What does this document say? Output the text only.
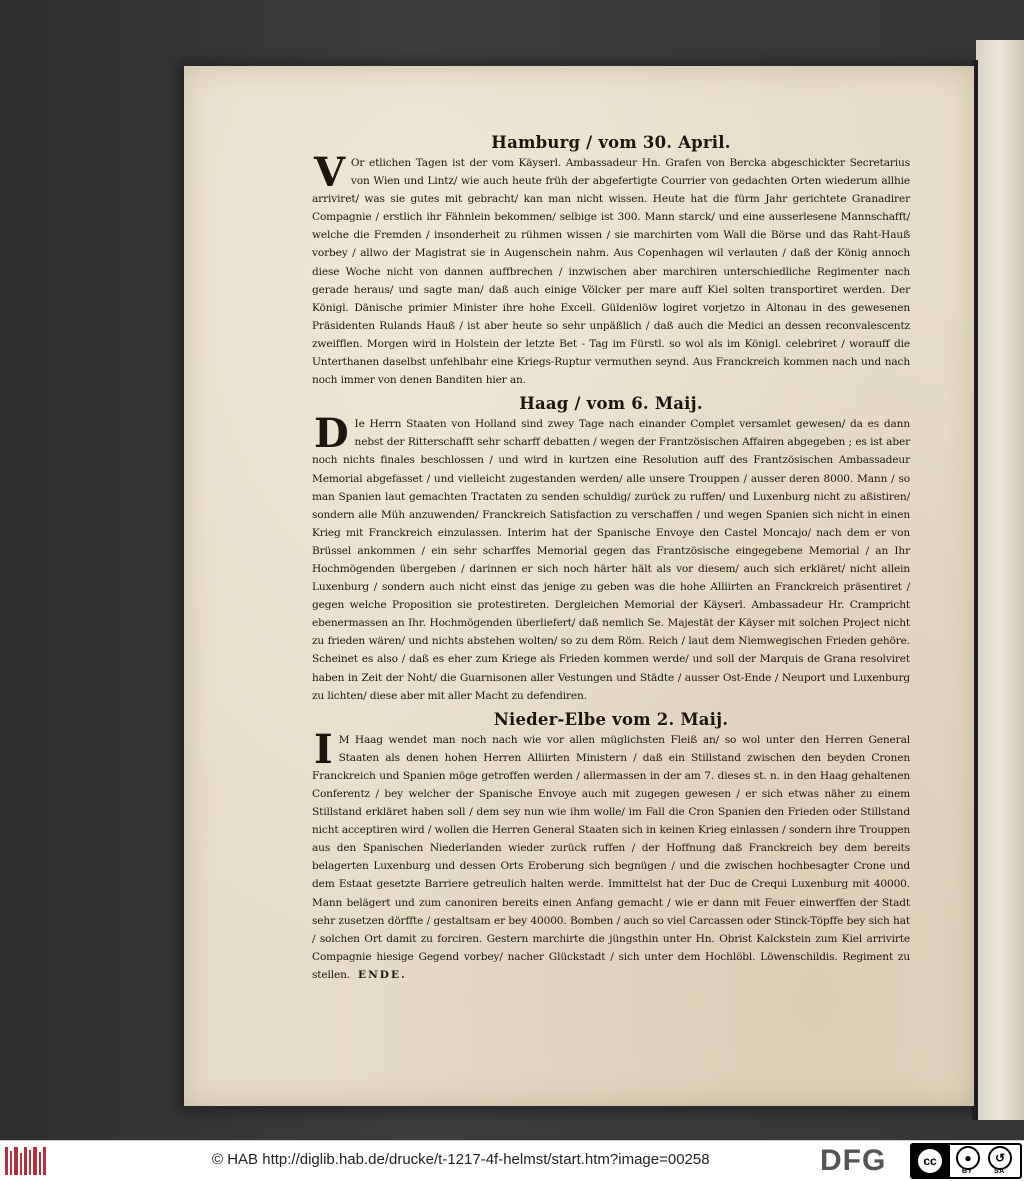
Hamburg / vom 30. April.

V Or etlichen Tagen ist der vom Käyserl. Ambassadeur Hn. Grafen von Bercka abgeschickter Secretarius von Wien und Lintz/ wie auch heute früh der abgefertigte Courrier von gedachten Orten wiederum allhie arriviret/ was sie gutes mit gebracht/ kan man nicht wissen. Heute hat die fürm Jahr gerichtete Granadirer Compagnie / erstlich ihr Fähnlein bekommen/ selbige ist 300. Mann starck/ und eine ausserlesene Mannschafft/ welche die Fremden / insonderheit zu rühmen wissen / sie marchirten vom Wall die Börse und das Raht-Hauß vorbey / allwo der Magistrat sie in Augenschein nahm. Aus Copenhagen wil verlauten / daß der König annoch diese Woche nicht von dannen auffbrechen / inzwischen aber marchiren unterschiedliche Regimenter nach gerade heraus/ und sagte man/ daß auch einige Völcker per mare auff Kiel solten transportiret werden. Der Königl. Dänische primier Minister ihre hohe Excell. Güldenlöw logiret vorjetzo in Altonau in des gewesenen Präsidenten Rulands Hauß / ist aber heute so sehr unpäßlich / daß auch die Medici an dessen reconvalescentz zweifflen. Morgen wird in Holstein der letzte Bet - Tag im Fürstl. so wol als im Königl. celebriret / worauff die Unterthanen daselbst unfehlbahr eine Kriegs-Ruptur vermuthen seynd. Aus Franckreich kommen nach und nach noch immer von denen Banditen hier an.

Haag / vom 6. Maij.

D Ie Herrn Staaten von Holland sind zwey Tage nach einander Complet versamlet gewesen/ da es dann nebst der Ritterschafft sehr scharff debatten / wegen der Frantzösischen Affairen abgegeben ; es ist aber noch nichts finales beschlossen / und wird in kurtzen eine Resolution auff des Frantzösischen Ambassadeur Memorial abgefasset / und vielleicht zugestanden werden/ alle unsere Trouppen / ausser deren 8000. Mann / so man Spanien laut gemachten Tractaten zu senden schuldig/ zurück zu ruffen/ und Luxenburg nicht zu aßistiren/ sondern alle Müh anzuwenden/ Franckreich Satisfaction zu verschaffen / und wegen Spanien sich nicht in einen Krieg mit Franckreich einzulassen. Interim hat der Spanische Envoye den Castel Moncajo/ nach dem er von Brüssel ankommen / ein sehr scharffes Memorial gegen das Frantzösische eingegebene Memorial / an Ihr Hochmögenden übergeben / darinnen er sich noch härter hält als vor diesem/ auch sich erkläret/ nicht allein Luxenburg / sondern auch nicht einst das jenige zu geben was die hohe Alliirten an Franckreich präsentiret / gegen welche Proposition sie protestireten. Dergleichen Memorial der Käyserl. Ambassadeur Hr. Crampricht ebenermassen an Ihr. Hochmögenden überliefert/ daß nemlich Se. Majestät der Käyser mit solchen Project nicht zu frieden wären/ und nichts abstehen wolten/ so zu dem Röm. Reich / laut dem Niemwegischen Frieden gehöre. Scheinet es also / daß es eher zum Kriege als Frieden kommen werde/ und soll der Marquis de Grana resolviret haben in Zeit der Noht/ die Guarnisonen aller Vestungen und Städte / ausser Ost-Ende / Neuport und Luxenburg zu lichten/ diese aber mit aller Macht zu defendiren.

Nieder-Elbe vom 2. Maij.

I M Haag wendet man noch nach wie vor allen müglichsten Fleiß an/ so wol unter den Herren General Staaten als denen hohen Herren Alliirten Ministern / daß ein Stillstand zwischen den beyden Cronen Franckreich und Spanien möge getroffen werden / allermassen in der am 7. dieses st. n. in den Haag gehaltenen Conferentz / bey welcher der Spanische Envoye auch mit zugegen gewesen / er sich etwas näher zu einem Stillstand erkläret haben soll / dem sey nun wie ihm wolle/ im Fall die Cron Spanien den Frieden oder Stillstand nicht acceptiren wird / wollen die Herren General Staaten sich in keinen Krieg einlassen / sondern ihre Trouppen aus den Spanischen Niederlanden wieder zurück ruffen / der Hoffnung daß Franckreich bey dem bereits belagerten Luxenburg und dessen Orts Eroberung sich begnügen / und die zwischen hochbesagter Crone und dem Estaat gesetzte Barriere getreulich halten werde. Immittelst hat der Duc de Crequi Luxenburg mit 40000. Mann belägert und zum canoniren bereits einen Anfang gemacht / wie er dann mit Feuer einwerffen der Stadt sehr zusetzen dörffte / gestaltsam er bey 40000. Bomben / auch so viel Carcassen oder Stinck-Töpffe bey sich hat / solchen Ort damit zu forciren. Gestern marchirte die jüngsthin unter Hn. Obrist Kalckstein zum Kiel arrivirte Compagnie hiesige Gegend vorbey/ nacher Glückstadt / sich unter dem Hochlöbl. Löwenschildis. Regiment zu stellen. ENDE.

© HAB http://diglib.hab.de/drucke/t-1217-4f-helmst/start.htm?image=00258	DFG	cc	●	↺
BY	SA
